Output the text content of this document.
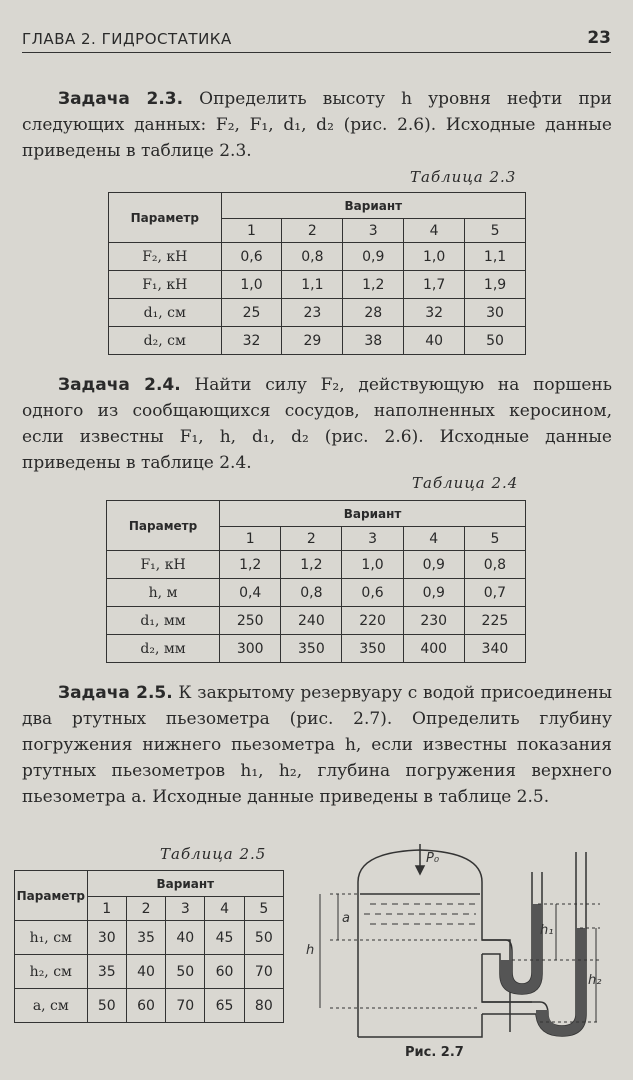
ГЛАВА 2. ГИДРОСТАТИКА	23

Задача 2.3. Определить высоту h уровня нефти при следующих данных: F₂, F₁, d₁, d₂ (рис. 2.6). Исходные данные приведены в таблице 2.3.

Таблица 2.3
Параметр	Вариант				
	1	2	3	4	5
F₂, кН	0,6	0,8	0,9	1,0	1,1
F₁, кН	1,0	1,1	1,2	1,7	1,9
d₁, см	25	23	28	32	30
d₂, см	32	29	38	40	50

Задача 2.4. Найти силу F₂, действующую на поршень одного из сообщающихся сосудов, наполненных керосином, если известны F₁, h, d₁, d₂ (рис. 2.6). Исходные данные приведены в таблице 2.4.

Таблица 2.4
Параметр	Вариант				
	1	2	3	4	5
F₁, кН	1,2	1,2	1,0	0,9	0,8
h, м	0,4	0,8	0,6	0,9	0,7
d₁, мм	250	240	220	230	225
d₂, мм	300	350	350	400	340

Задача 2.5. К закрытому резервуару с водой присоединены два ртутных пьезометра (рис. 2.7). Определить глубину погружения нижнего пьезометра h, если известны показания ртутных пьезометров h₁, h₂, глубина погружения верхнего пьезометра a. Исходные данные приведены в таблице 2.5.

Таблица 2.5
Параметр	Вариант				
	1	2	3	4	5
h₁, см	30	35	40	45	50
h₂, см	35	40	50	60	70
a, см	50	60	70	65	80
P₀
a
h
h₁
h₂
Рис. 2.7
